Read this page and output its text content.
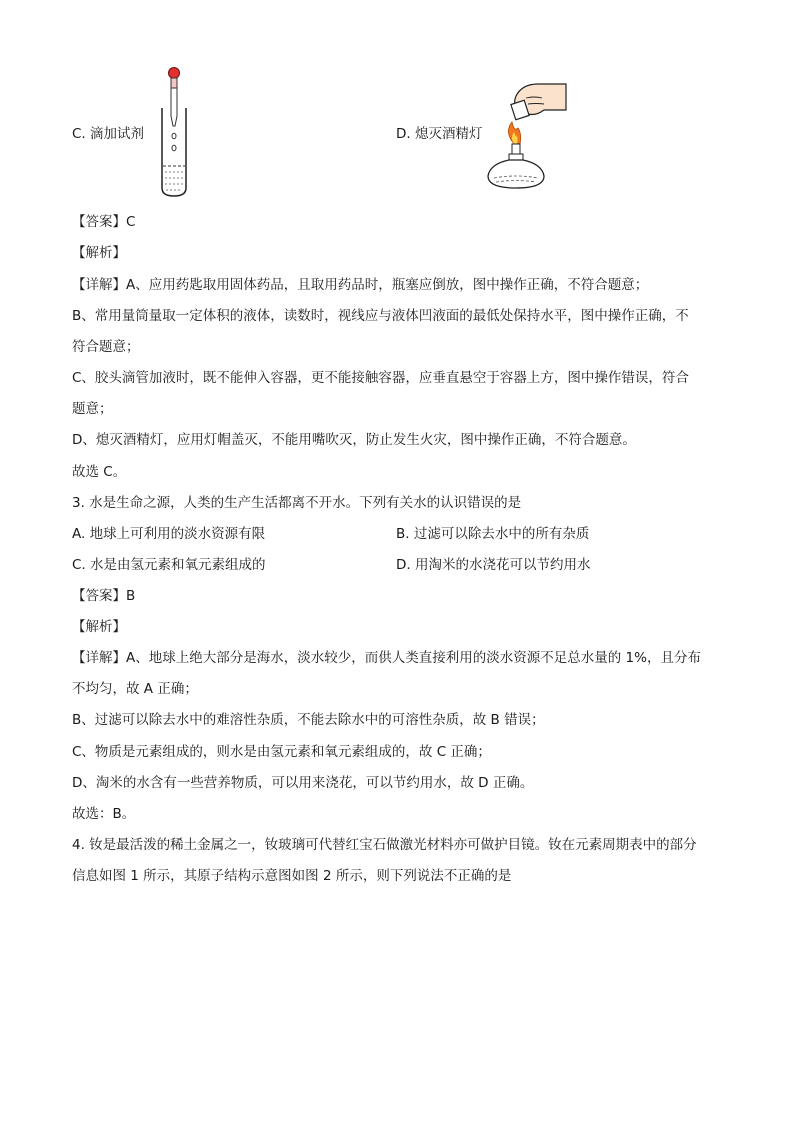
C. 滴加试剂	D. 熄灭酒精灯
【答案】C
【解析】
【详解】A、应用药匙取用固体药品，且取用药品时，瓶塞应倒放，图中操作正确，不符合题意；
B、常用量筒量取一定体积的液体，读数时，视线应与液体凹液面的最低处保持水平，图中操作正确，不
符合题意；
C、胶头滴管加液时，既不能伸入容器，更不能接触容器，应垂直悬空于容器上方，图中操作错误，符合
题意；
D、熄灭酒精灯，应用灯帽盖灭，不能用嘴吹灭，防止发生火灾，图中操作正确，不符合题意。
故选 C。
3. 水是生命之源，人类的生产生活都离不开水。下列有关水的认识错误的是
A. 地球上可利用的淡水资源有限	B. 过滤可以除去水中的所有杂质
C. 水是由氢元素和氧元素组成的	D. 用淘米的水浇花可以节约用水
【答案】B
【解析】
【详解】A、地球上绝大部分是海水，淡水较少，而供人类直接利用的淡水资源不足总水量的 1%，且分布
不均匀，故 A 正确；
B、过滤可以除去水中的难溶性杂质，不能去除水中的可溶性杂质，故 B 错误；
C、物质是元素组成的，则水是由氢元素和氧元素组成的，故 C 正确；
D、淘米的水含有一些营养物质，可以用来浇花，可以节约用水，故 D 正确。
故选：B。
4. 钕是最活泼的稀土金属之一，钕玻璃可代替红宝石做激光材料亦可做护目镜。钕在元素周期表中的部分
信息如图 1 所示，其原子结构示意图如图 2 所示，则下列说法不正确的是
